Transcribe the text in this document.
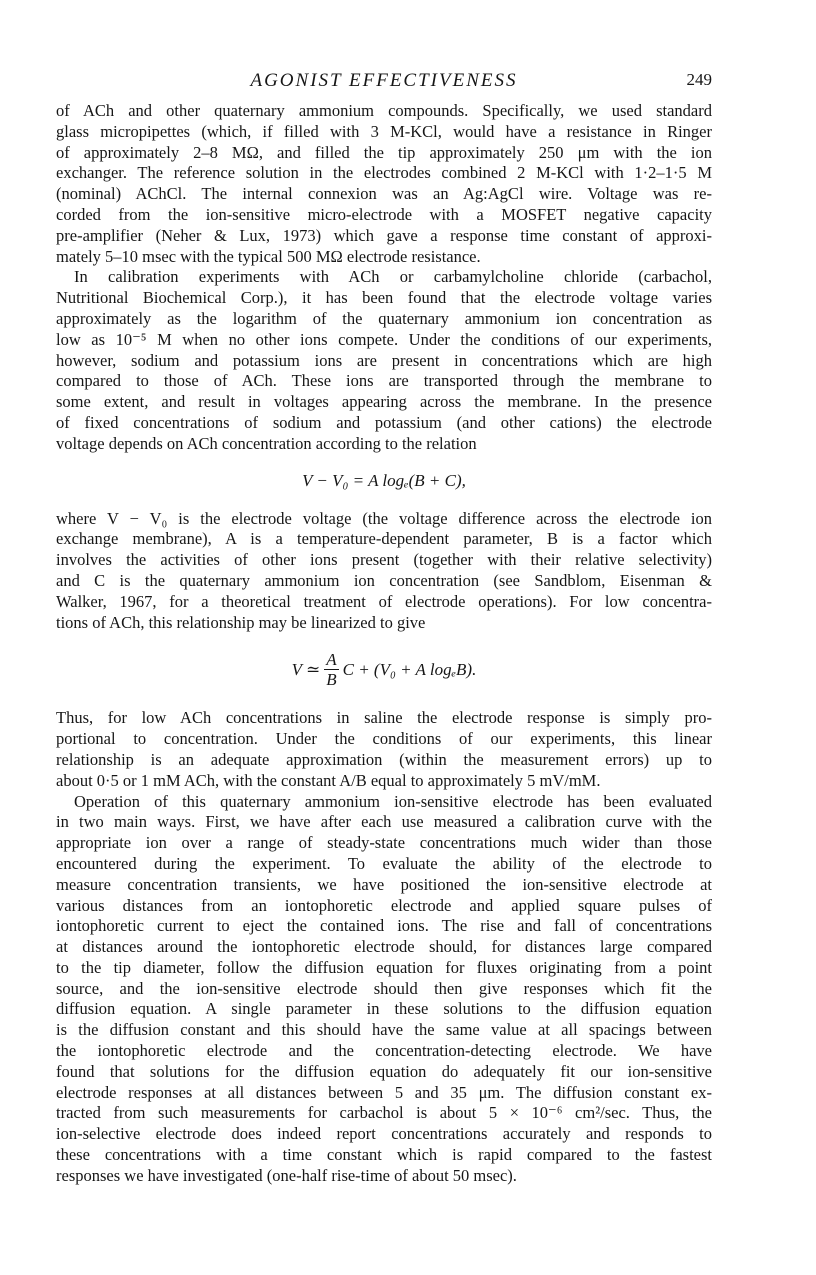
AGONIST EFFECTIVENESS	249

of ACh and other quaternary ammonium compounds. Specifically, we used standard

glass micropipettes (which, if filled with 3 M-KCl, would have a resistance in Ringer

of approximately 2–8 MΩ, and filled the tip approximately 250 μm with the ion

exchanger. The reference solution in the electrodes combined 2 M-KCl with 1·2–1·5 M

(nominal) AChCl. The internal connexion was an Ag:AgCl wire. Voltage was re-

corded from the ion-sensitive micro-electrode with a MOSFET negative capacity

pre-amplifier (Neher & Lux, 1973) which gave a response time constant of approxi-

mately 5–10 msec with the typical 500 MΩ electrode resistance.

In calibration experiments with ACh or carbamylcholine chloride (carbachol,

Nutritional Biochemical Corp.), it has been found that the electrode voltage varies

approximately as the logarithm of the quaternary ammonium ion concentration as

low as 10⁻⁵ M when no other ions compete. Under the conditions of our experiments,

however, sodium and potassium ions are present in concentrations which are high

compared to those of ACh. These ions are transported through the membrane to

some extent, and result in voltages appearing across the membrane. In the presence

of fixed concentrations of sodium and potassium (and other cations) the electrode

voltage depends on ACh concentration according to the relation

V − V₀ = A logₑ(B + C),

where V − V₀ is the electrode voltage (the voltage difference across the electrode ion

exchange membrane), A is a temperature-dependent parameter, B is a factor which

involves the activities of other ions present (together with their relative selectivity)

and C is the quaternary ammonium ion concentration (see Sandblom, Eisenman &

Walker, 1967, for a theoretical treatment of electrode operations). For low concentra-

tions of ACh, this relationship may be linearized to give

V ≃ $\frac{A}{B}$ C + (V₀ + A logₑB).

Thus, for low ACh concentrations in saline the electrode response is simply pro-

portional to concentration. Under the conditions of our experiments, this linear

relationship is an adequate approximation (within the measurement errors) up to

about 0·5 or 1 mM ACh, with the constant A/B equal to approximately 5 mV/mM.

Operation of this quaternary ammonium ion-sensitive electrode has been evaluated

in two main ways. First, we have after each use measured a calibration curve with the

appropriate ion over a range of steady-state concentrations much wider than those

encountered during the experiment. To evaluate the ability of the electrode to

measure concentration transients, we have positioned the ion-sensitive electrode at

various distances from an iontophoretic electrode and applied square pulses of

iontophoretic current to eject the contained ions. The rise and fall of concentrations

at distances around the iontophoretic electrode should, for distances large compared

to the tip diameter, follow the diffusion equation for fluxes originating from a point

source, and the ion-sensitive electrode should then give responses which fit the

diffusion equation. A single parameter in these solutions to the diffusion equation

is the diffusion constant and this should have the same value at all spacings between

the iontophoretic electrode and the concentration-detecting electrode. We have

found that solutions for the diffusion equation do adequately fit our ion-sensitive

electrode responses at all distances between 5 and 35 μm. The diffusion constant ex-

tracted from such measurements for carbachol is about 5 × 10⁻⁶ cm²/sec. Thus, the

ion-selective electrode does indeed report concentrations accurately and responds to

these concentrations with a time constant which is rapid compared to the fastest

responses we have investigated (one-half rise-time of about 50 msec).
